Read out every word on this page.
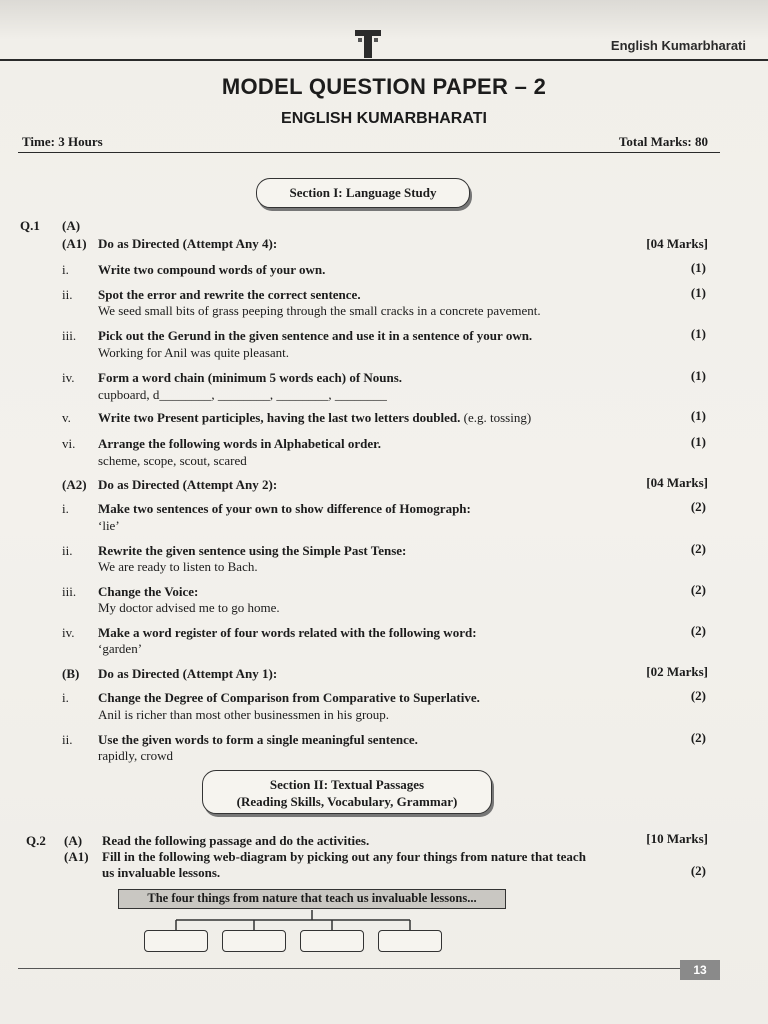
English Kumarbharati
MODEL QUESTION PAPER – 2
ENGLISH KUMARBHARATI
Time: 3 Hours	Total Marks: 80
Section I: Language Study
Q.1 (A)
(A1) Do as Directed (Attempt Any 4):	[04 Marks]
i. Write two compound words of your own.	(1)
ii. Spot the error and rewrite the correct sentence.
We seed small bits of grass peeping through the small cracks in a concrete pavement.
(1)
iii. Pick out the Gerund in the given sentence and use it in a sentence of your own.
Working for Anil was quite pleasant.
(1)
iv. Form a word chain (minimum 5 words each) of Nouns.
cupboard, d________, ________, ________, ________
(1)
v. Write two Present participles, having the last two letters doubled. (e.g. tossing)	(1)
vi. Arrange the following words in Alphabetical order.
scheme, scope, scout, scared
(1)
(A2) Do as Directed (Attempt Any 2):	[04 Marks]
i. Make two sentences of your own to show difference of Homograph:
‘lie’
(2)
ii. Rewrite the given sentence using the Simple Past Tense:
We are ready to listen to Bach.
(2)
iii. Change the Voice:
My doctor advised me to go home.
(2)
iv. Make a word register of four words related with the following word:
‘garden’
(2)
(B) Do as Directed (Attempt Any 1):	[02 Marks]
i. Change the Degree of Comparison from Comparative to Superlative.
Anil is richer than most other businessmen in his group.
(2)
ii. Use the given words to form a single meaningful sentence.
rapidly, crowd
(2)
Section II: Textual Passages
(Reading Skills, Vocabulary, Grammar)
Q.2 (A) Read the following passage and do the activities.	[10 Marks]
(A1) Fill in the following web-diagram by picking out any four things from nature that teach
us invaluable lessons.	(2)
The four things from nature that teach us invaluable lessons...
13
